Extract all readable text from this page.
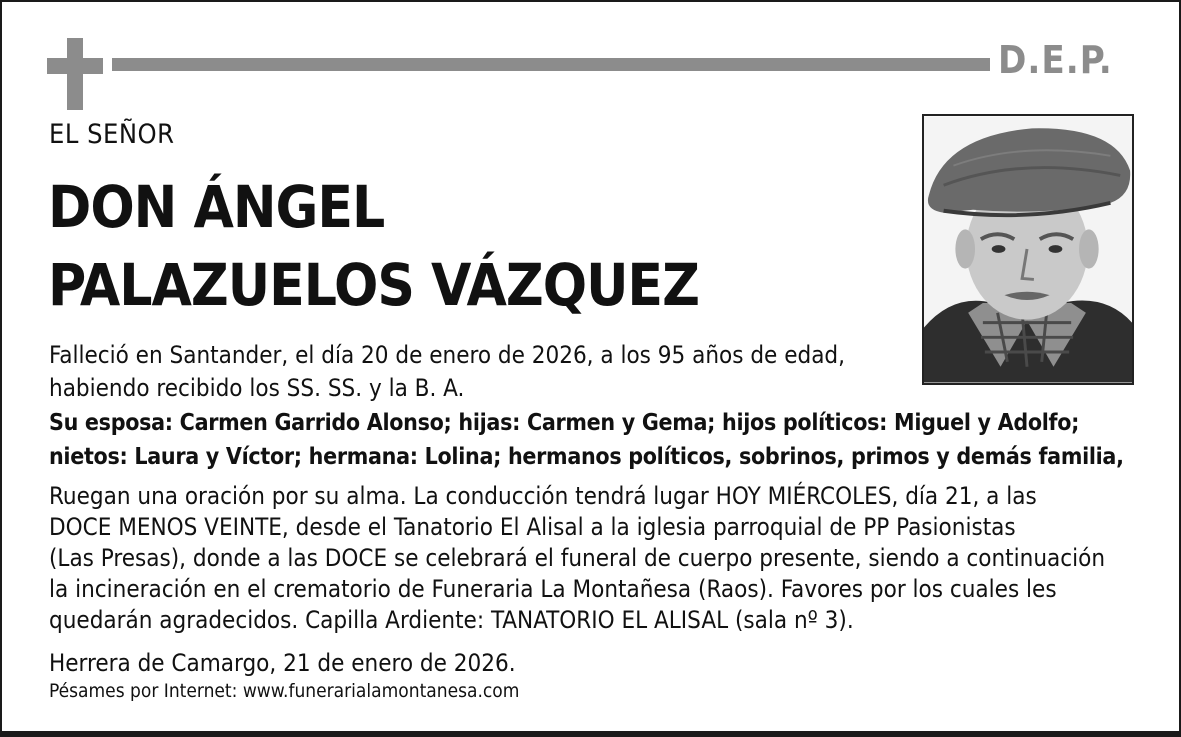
D.E.P.
EL SEÑOR
DON ÁNGEL
PALAZUELOS VÁZQUEZ
Falleció en Santander, el día 20 de enero de 2026, a los 95 años de edad,
habiendo recibido los SS. SS. y la B. A.
Su esposa: Carmen Garrido Alonso; hijas: Carmen y Gema; hijos políticos: Miguel y Adolfo;
nietos: Laura y Víctor; hermana: Lolina; hermanos políticos, sobrinos, primos y demás familia,
Ruegan una oración por su alma. La conducción tendrá lugar HOY MIÉRCOLES, día 21, a las
DOCE MENOS VEINTE, desde el Tanatorio El Alisal a la iglesia parroquial de PP Pasionistas
(Las Presas), donde a las DOCE se celebrará el funeral de cuerpo presente, siendo a continuación
la incineración en el crematorio de Funeraria La Montañesa (Raos). Favores por los cuales les
quedarán agradecidos. Capilla Ardiente: TANATORIO EL ALISAL (sala nº 3).
Herrera de Camargo, 21 de enero de 2026.
Pésames por Internet: www.funerarialamontanesa.com
